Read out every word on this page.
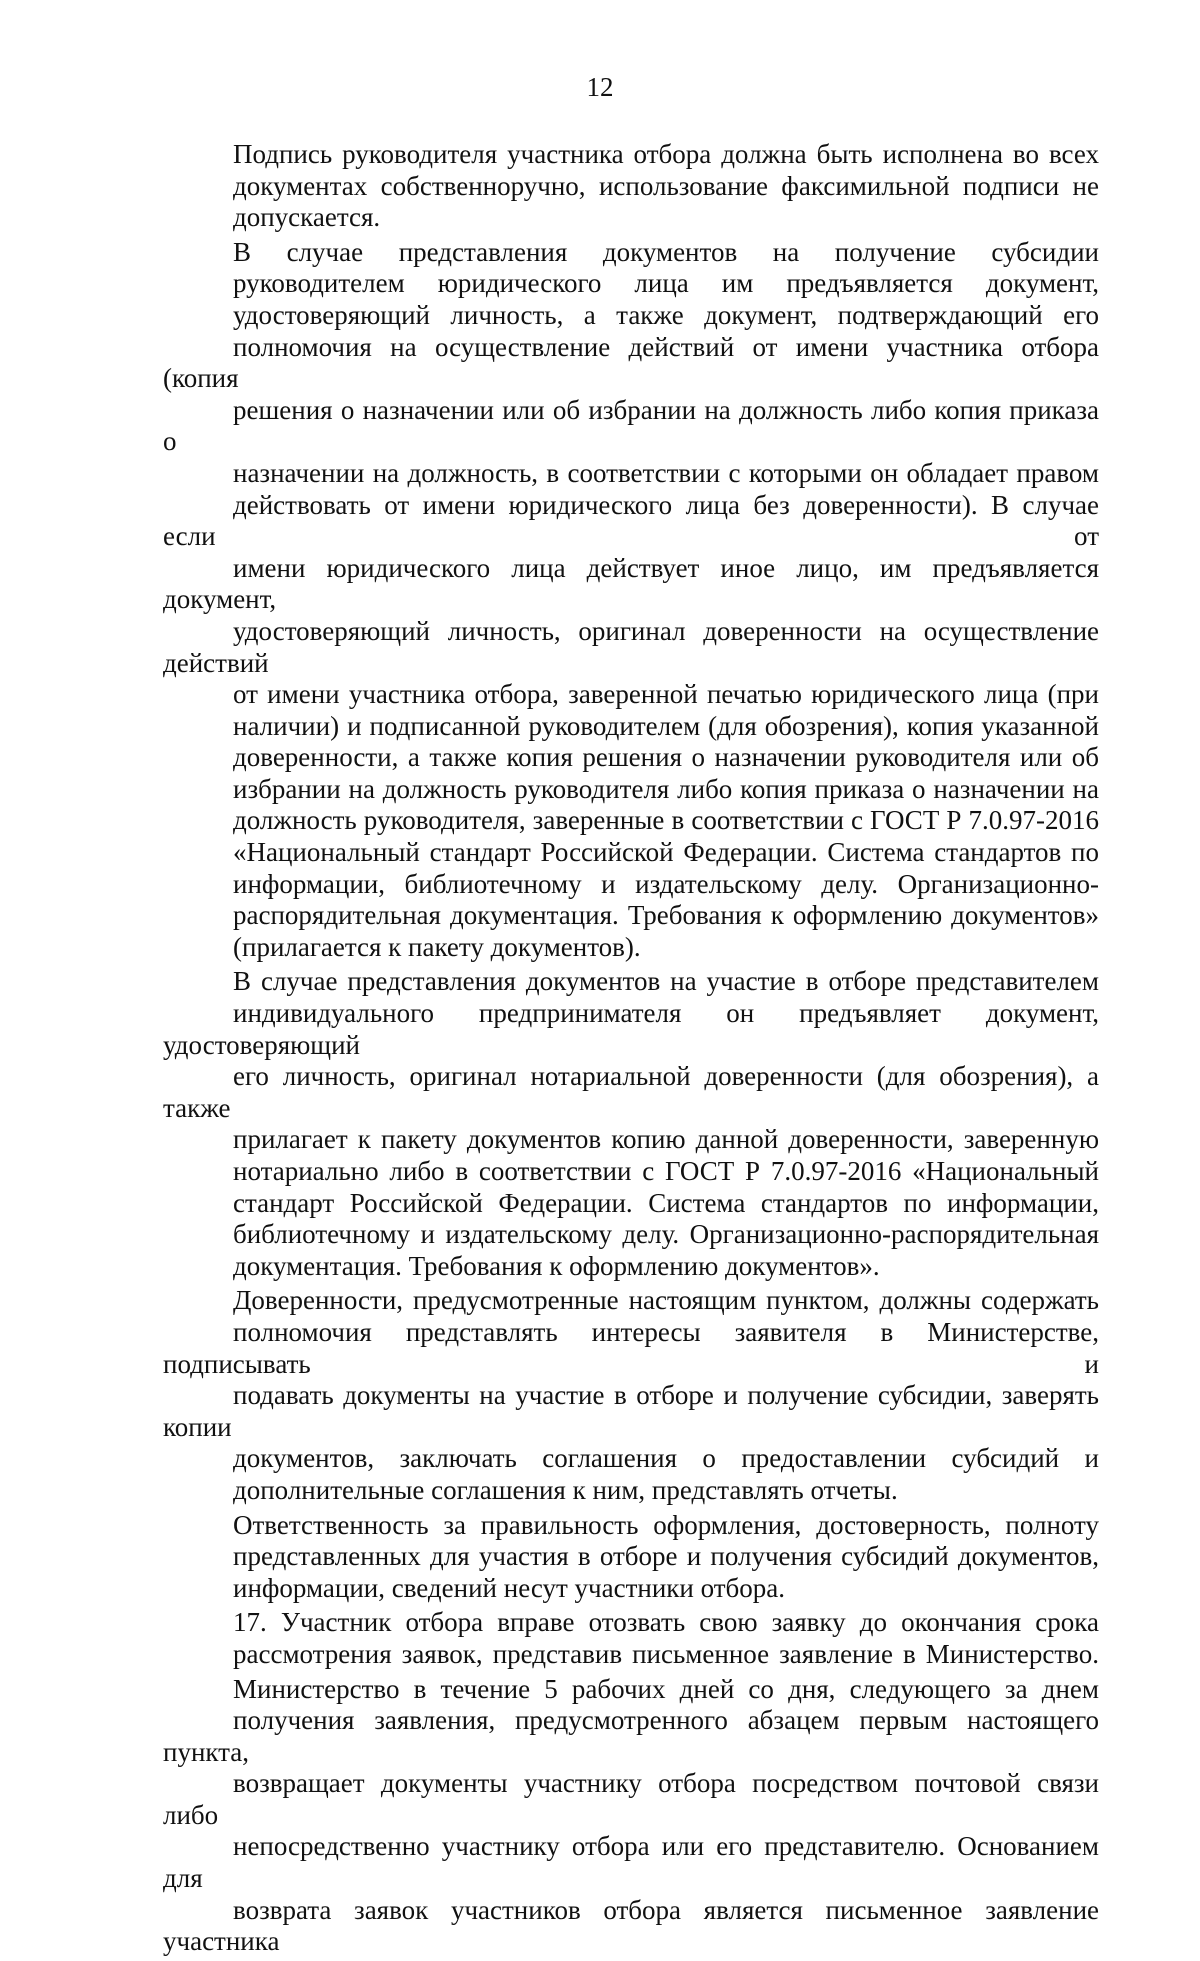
12
Подпись руководителя участника отбора должна быть исполнена во всех
документах собственноручно, использование факсимильной подписи не
допускается.
В случае представления документов на получение субсидии
руководителем юридического лица им предъявляется документ,
удостоверяющий личность, а также документ, подтверждающий его
полномочия на осуществление действий от имени участника отбора (копия
решения о назначении или об избрании на должность либо копия приказа о
назначении на должность, в соответствии с которыми он обладает правом
действовать от имени юридического лица без доверенности). В случае если от
имени юридического лица действует иное лицо, им предъявляется документ,
удостоверяющий личность, оригинал доверенности на осуществление действий
от имени участника отбора, заверенной печатью юридического лица (при
наличии) и подписанной руководителем (для обозрения), копия указанной
доверенности, а также копия решения о назначении руководителя или об
избрании на должность руководителя либо копия приказа о назначении на
должность руководителя, заверенные в соответствии с ГОСТ Р 7.0.97-2016
«Национальный стандарт Российской Федерации. Система стандартов по
информации, библиотечному и издательскому делу. Организационно-
распорядительная документация. Требования к оформлению документов»
(прилагается к пакету документов).
В случае представления документов на участие в отборе представителем
индивидуального предпринимателя он предъявляет документ, удостоверяющий
его личность, оригинал нотариальной доверенности (для обозрения), а также
прилагает к пакету документов копию данной доверенности, заверенную
нотариально либо в соответствии с ГОСТ Р 7.0.97-2016 «Национальный
стандарт Российской Федерации. Система стандартов по информации,
библиотечному и издательскому делу. Организационно-распорядительная
документация. Требования к оформлению документов».
Доверенности, предусмотренные настоящим пунктом, должны содержать
полномочия представлять интересы заявителя в Министерстве, подписывать и
подавать документы на участие в отборе и получение субсидии, заверять копии
документов, заключать соглашения о предоставлении субсидий и
дополнительные соглашения к ним, представлять отчеты.
Ответственность за правильность оформления, достоверность, полноту
представленных для участия в отборе и получения субсидий документов,
информации, сведений несут участники отбора.
17. Участник отбора вправе отозвать свою заявку до окончания срока
рассмотрения заявок, представив письменное заявление в Министерство.
Министерство в течение 5 рабочих дней со дня, следующего за днем
получения заявления, предусмотренного абзацем первым настоящего пункта,
возвращает документы участнику отбора посредством почтовой связи либо
непосредственно участнику отбора или его представителю. Основанием для
возврата заявок участников отбора является письменное заявление участника
